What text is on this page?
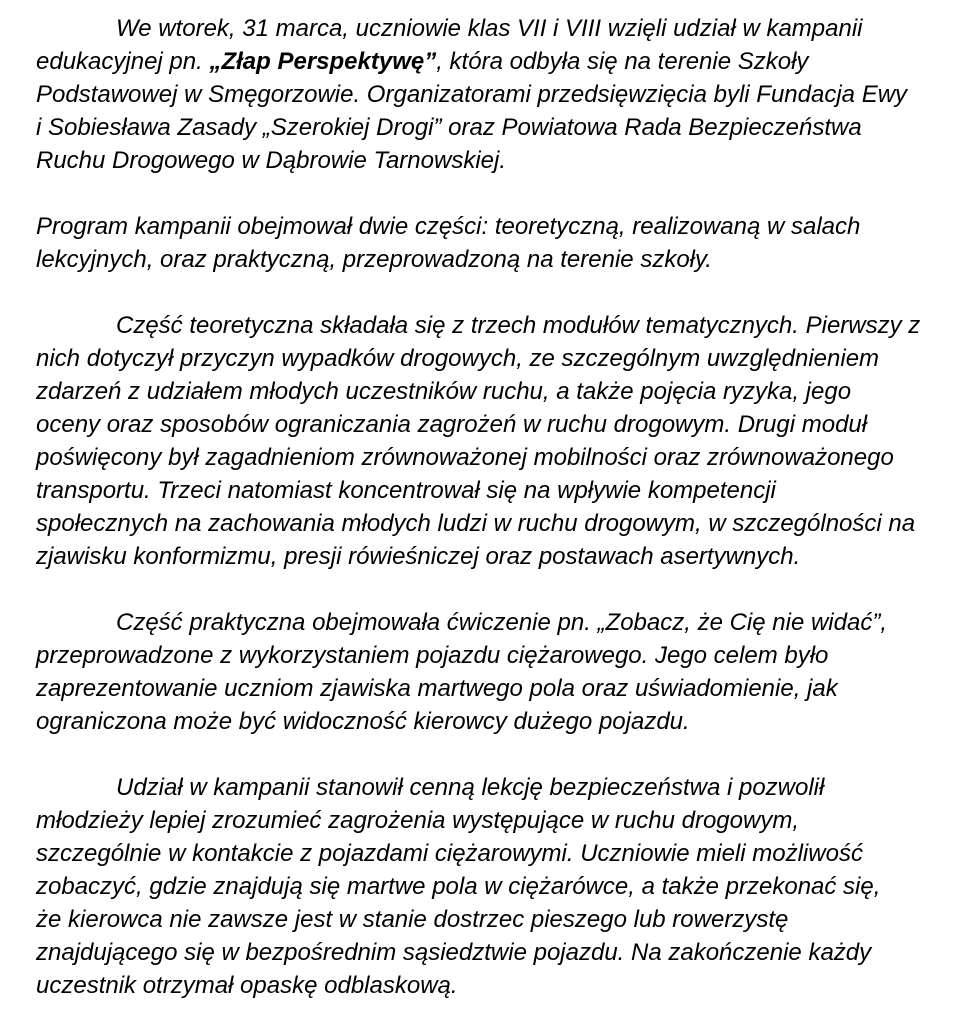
We wtorek, 31 marca, uczniowie klas VII i VIII wzięli udział w kampanii
edukacyjnej pn. „Złap Perspektywę”, która odbyła się na terenie Szkoły
Podstawowej w Smęgorzowie. Organizatorami przedsięwzięcia byli Fundacja Ewy
i Sobiesława Zasady „Szerokiej Drogi” oraz Powiatowa Rada Bezpieczeństwa
Ruchu Drogowego w Dąbrowie Tarnowskiej.
Program kampanii obejmował dwie części: teoretyczną, realizowaną w salach
lekcyjnych, oraz praktyczną, przeprowadzoną na terenie szkoły.
Część teoretyczna składała się z trzech modułów tematycznych. Pierwszy z
nich dotyczył przyczyn wypadków drogowych, ze szczególnym uwzględnieniem
zdarzeń z udziałem młodych uczestników ruchu, a także pojęcia ryzyka, jego
oceny oraz sposobów ograniczania zagrożeń w ruchu drogowym. Drugi moduł
poświęcony był zagadnieniom zrównoważonej mobilności oraz zrównoważonego
transportu. Trzeci natomiast koncentrował się na wpływie kompetencji
społecznych na zachowania młodych ludzi w ruchu drogowym, w szczególności na
zjawisku konformizmu, presji rówieśniczej oraz postawach asertywnych.
Część praktyczna obejmowała ćwiczenie pn. „Zobacz, że Cię nie widać”,
przeprowadzone z wykorzystaniem pojazdu ciężarowego. Jego celem było
zaprezentowanie uczniom zjawiska martwego pola oraz uświadomienie, jak
ograniczona może być widoczność kierowcy dużego pojazdu.
Udział w kampanii stanowił cenną lekcję bezpieczeństwa i pozwolił
młodzieży lepiej zrozumieć zagrożenia występujące w ruchu drogowym,
szczególnie w kontakcie z pojazdami ciężarowymi. Uczniowie mieli możliwość
zobaczyć, gdzie znajdują się martwe pola w ciężarówce, a także przekonać się,
że kierowca nie zawsze jest w stanie dostrzec pieszego lub rowerzystę
znajdującego się w bezpośrednim sąsiedztwie pojazdu. Na zakończenie każdy
uczestnik otrzymał opaskę odblaskową.
